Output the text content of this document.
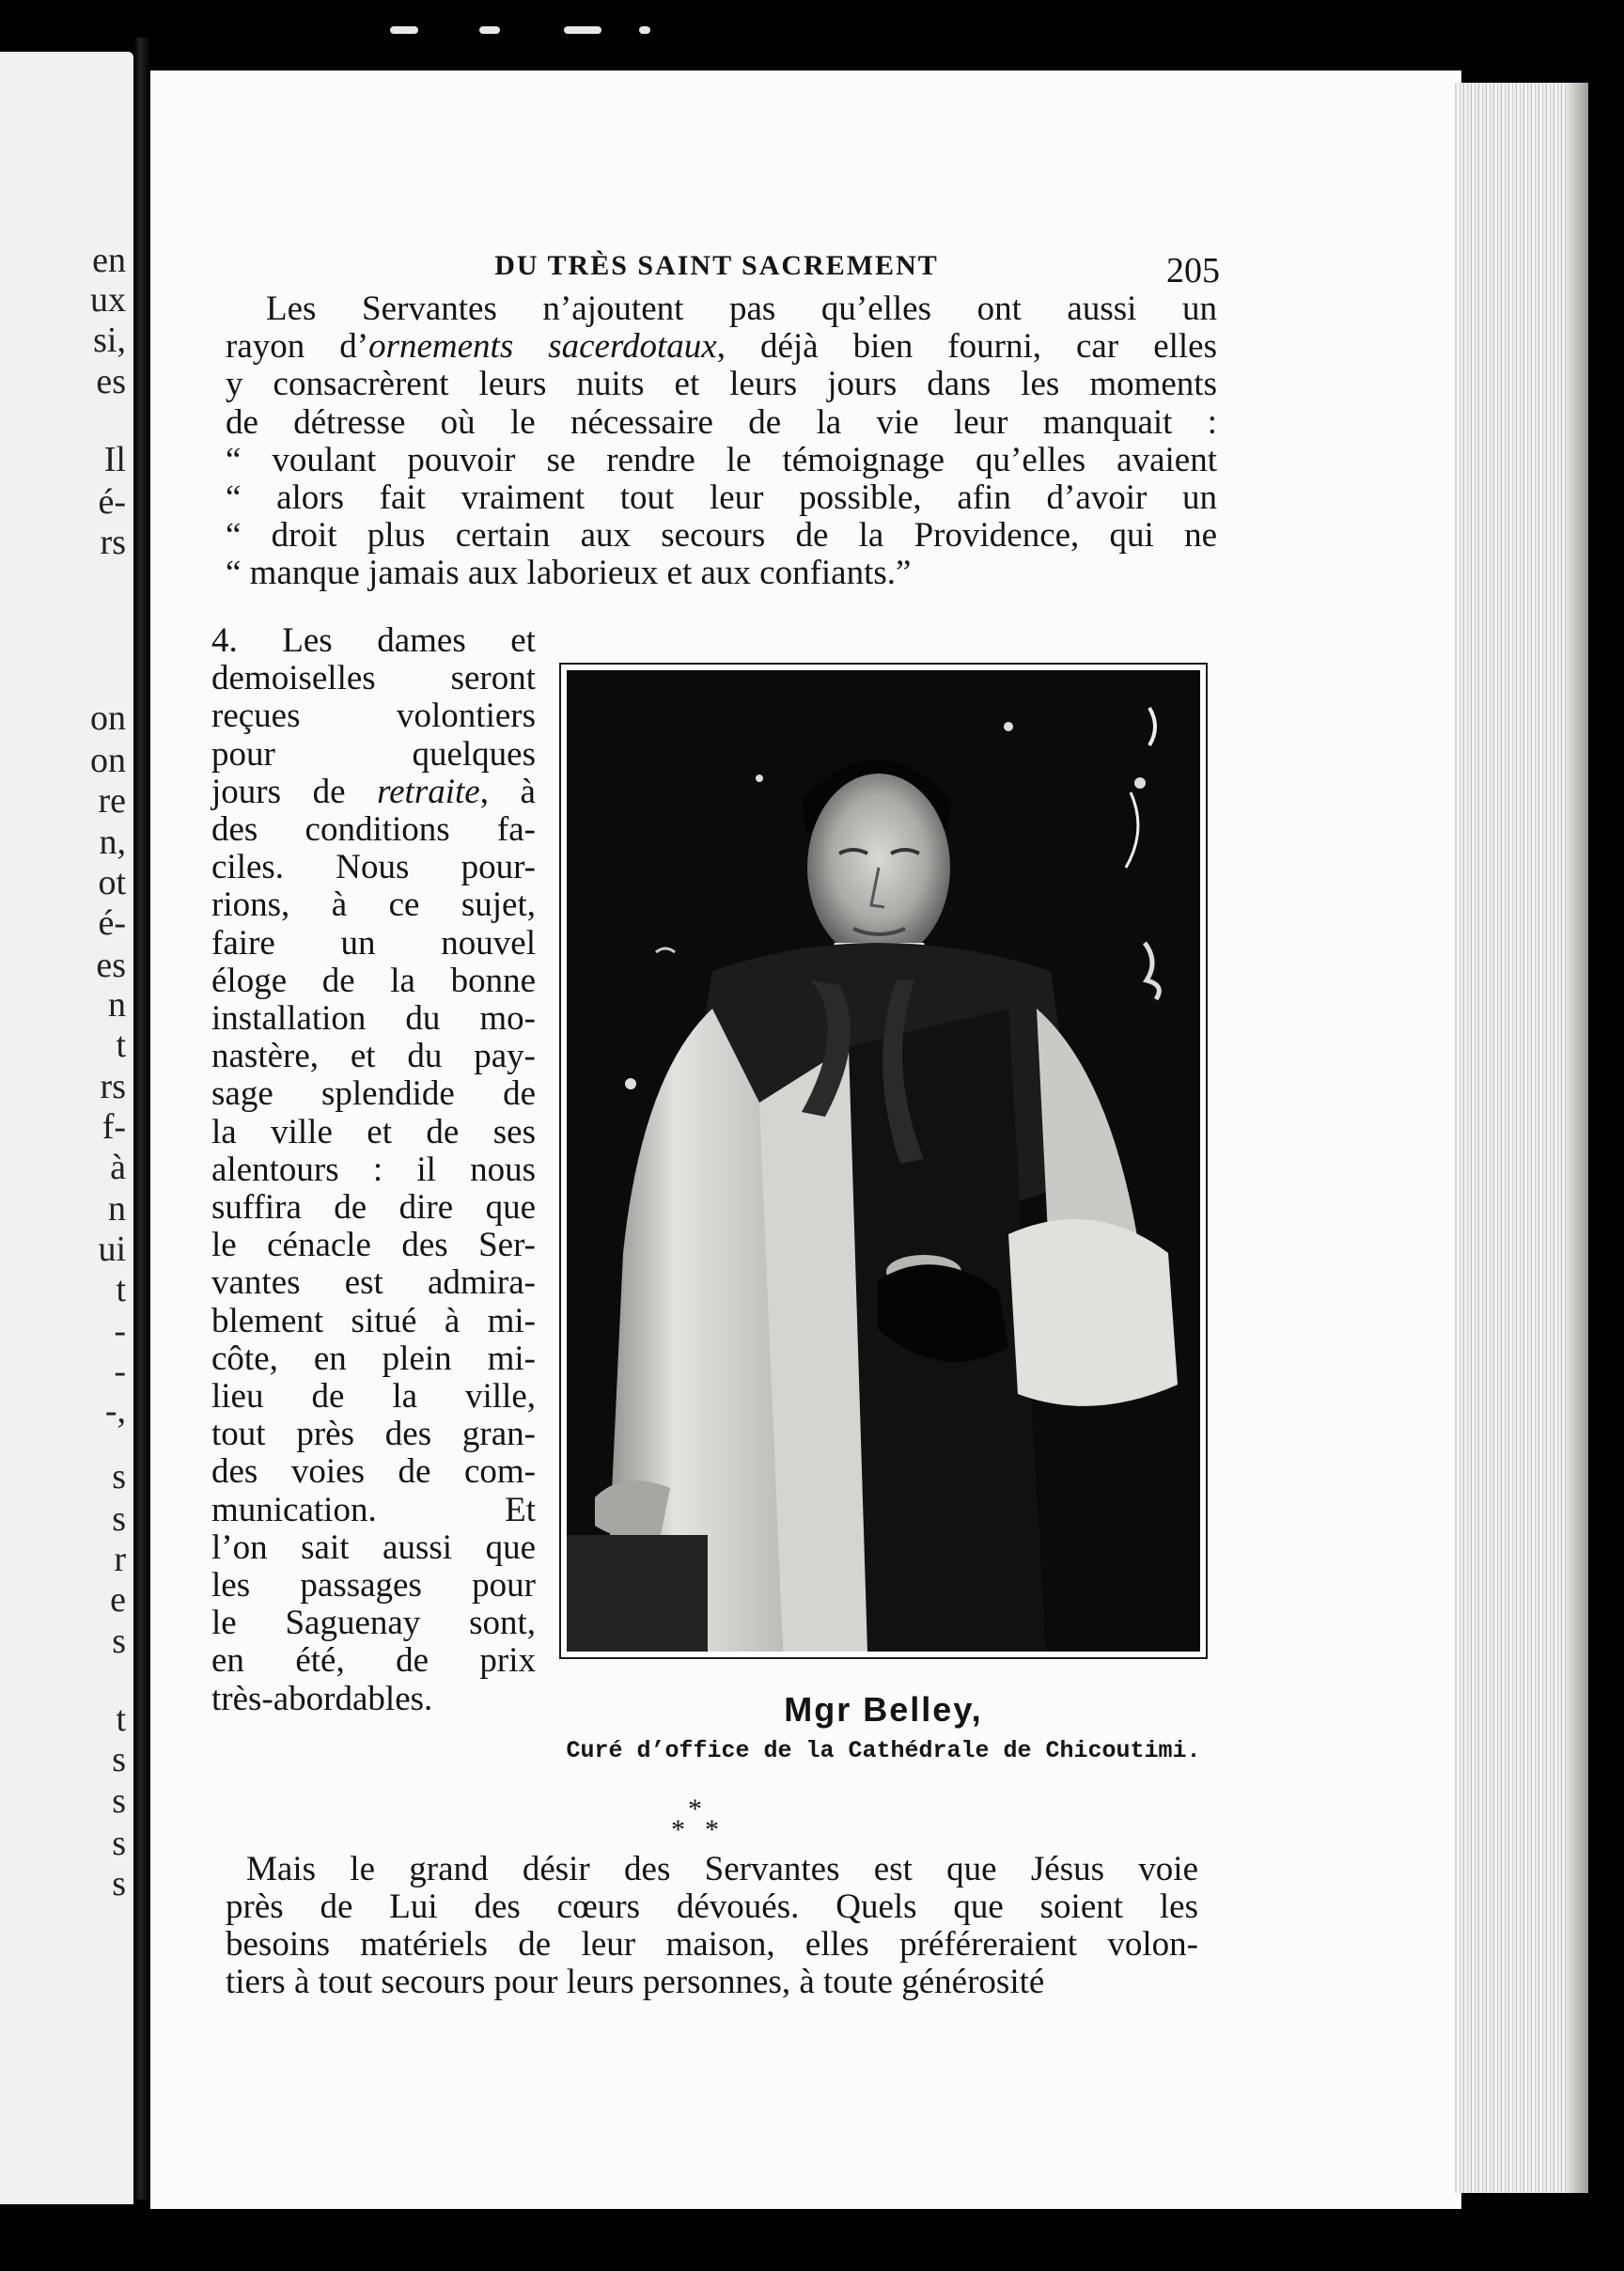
en
ux
si,
es
Il
é-
rs
on
on
re
n,
ot
é-
es
n
t
rs
f-
à
n
ui
t
-
-
-,
s
s
r
e
s
t
s
s
s
s
DU TRÈS SAINT SACREMENT	205
Les Servantes n’ajoutent pas qu’elles ont aussi un
rayon d’ornements sacerdotaux, déjà bien fourni, car elles
y consacrèrent leurs nuits et leurs jours dans les moments
de détresse où le nécessaire de la vie leur manquait :
“ voulant pouvoir se rendre le témoignage qu’elles avaient
“ alors fait vraiment tout leur possible, afin d’avoir un
“ droit plus certain aux secours de la Providence, qui ne
“ manque jamais aux laborieux et aux confiants.”
4. Les dames et
demoiselles seront
reçues volontiers
pour quelques
jours de retraite, à
des conditions fa-
ciles. Nous pour-
rions, à ce sujet,
faire un nouvel
éloge de la bonne
installation du mo-
nastère, et du pay-
sage splendide de
la ville et de ses
alentours : il nous
suffira de dire que
le cénacle des Ser-
vantes est admira-
blement situé à mi-
côte, en plein mi-
lieu de la ville,
tout près des gran-
des voies de com-
munication. Et
l’on sait aussi que
les passages pour
le Saguenay sont,
en été, de prix
très-abordables.	Mgr Belley,
Curé d’office de la Cathédrale de Chicoutimi.
*
* *
Mais le grand désir des Servantes est que Jésus voie
près de Lui des cœurs dévoués. Quels que soient les
besoins matériels de leur maison, elles préféreraient volon-
tiers à tout secours pour leurs personnes, à toute générosité
